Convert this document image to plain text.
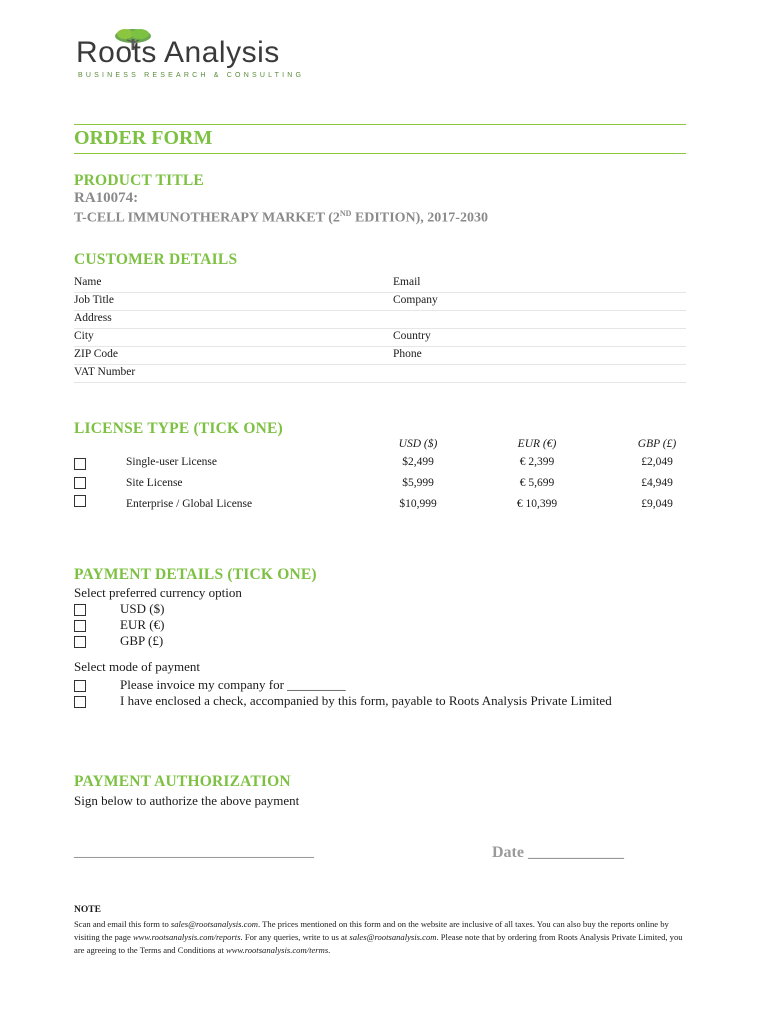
Roots Analysis
BUSINESS RESEARCH & CONSULTING
ORDER FORM
PRODUCT TITLE
RA10074:
T-CELL IMMUNOTHERAPY MARKET (2ND EDITION), 2017-2030
CUSTOMER DETAILS
Name	Email
Job Title	Company
Address
City	Country
ZIP Code	Phone
VAT Number
LICENSE TYPE (TICK ONE)
USD ($)	EUR (€)	GBP (£)
Single-user License	$2,499	€ 2,399	£2,049
Site License	$5,999	€ 5,699	£4,949
Enterprise / Global License	$10,999	€ 10,399	£9,049
PAYMENT DETAILS (TICK ONE)
Select preferred currency option
USD ($)
EUR (€)
GBP (£)
Select mode of payment
Please invoice my company for _________
I have enclosed a check, accompanied by this form, payable to Roots Analysis Private Limited
PAYMENT AUTHORIZATION
Sign below to authorize the above payment
________________________________	Date ____________
NOTE
Scan and email this form to sales@rootsanalysis.com. The prices mentioned on this form and on the website are inclusive of all taxes. You can also buy the reports online by visiting the page www.rootsanalysis.com/reports. For any queries, write to us at sales@rootsanalysis.com. Please note that by ordering from Roots Analysis Private Limited, you are agreeing to the Terms and Conditions at www.rootsanalysis.com/terms.
